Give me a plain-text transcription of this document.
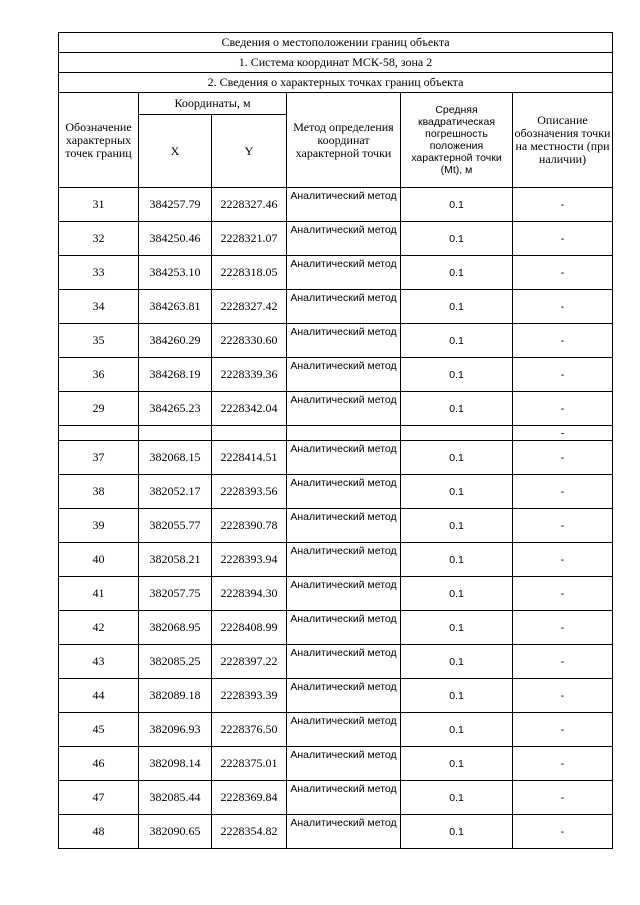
Сведения о местоположении границ объекта					
1. Система координат МСК-58, зона 2					
2. Сведения о характерных точках границ объекта					
Обозначение характерных точек границ	Координаты, м		Метод определения координат характерной точки	Средняя квадратическая погрешность положения характерной точки (Mt), м	Описание обозначения точки на местности (при наличии)
	X	Y			
31	384257.79	2228327.46	Аналитический метод	0.1	-
32	384250.46	2228321.07	Аналитический метод	0.1	-
33	384253.10	2228318.05	Аналитический метод	0.1	-
34	384263.81	2228327.42	Аналитический метод	0.1	-
35	384260.29	2228330.60	Аналитический метод	0.1	-
36	384268.19	2228339.36	Аналитический метод	0.1	-
29	384265.23	2228342.04	Аналитический метод	0.1	-
					-
37	382068.15	2228414.51	Аналитический метод	0.1	-
38	382052.17	2228393.56	Аналитический метод	0.1	-
39	382055.77	2228390.78	Аналитический метод	0.1	-
40	382058.21	2228393.94	Аналитический метод	0.1	-
41	382057.75	2228394.30	Аналитический метод	0.1	-
42	382068.95	2228408.99	Аналитический метод	0.1	-
43	382085.25	2228397.22	Аналитический метод	0.1	-
44	382089.18	2228393.39	Аналитический метод	0.1	-
45	382096.93	2228376.50	Аналитический метод	0.1	-
46	382098.14	2228375.01	Аналитический метод	0.1	-
47	382085.44	2228369.84	Аналитический метод	0.1	-
48	382090.65	2228354.82	Аналитический метод	0.1	-
